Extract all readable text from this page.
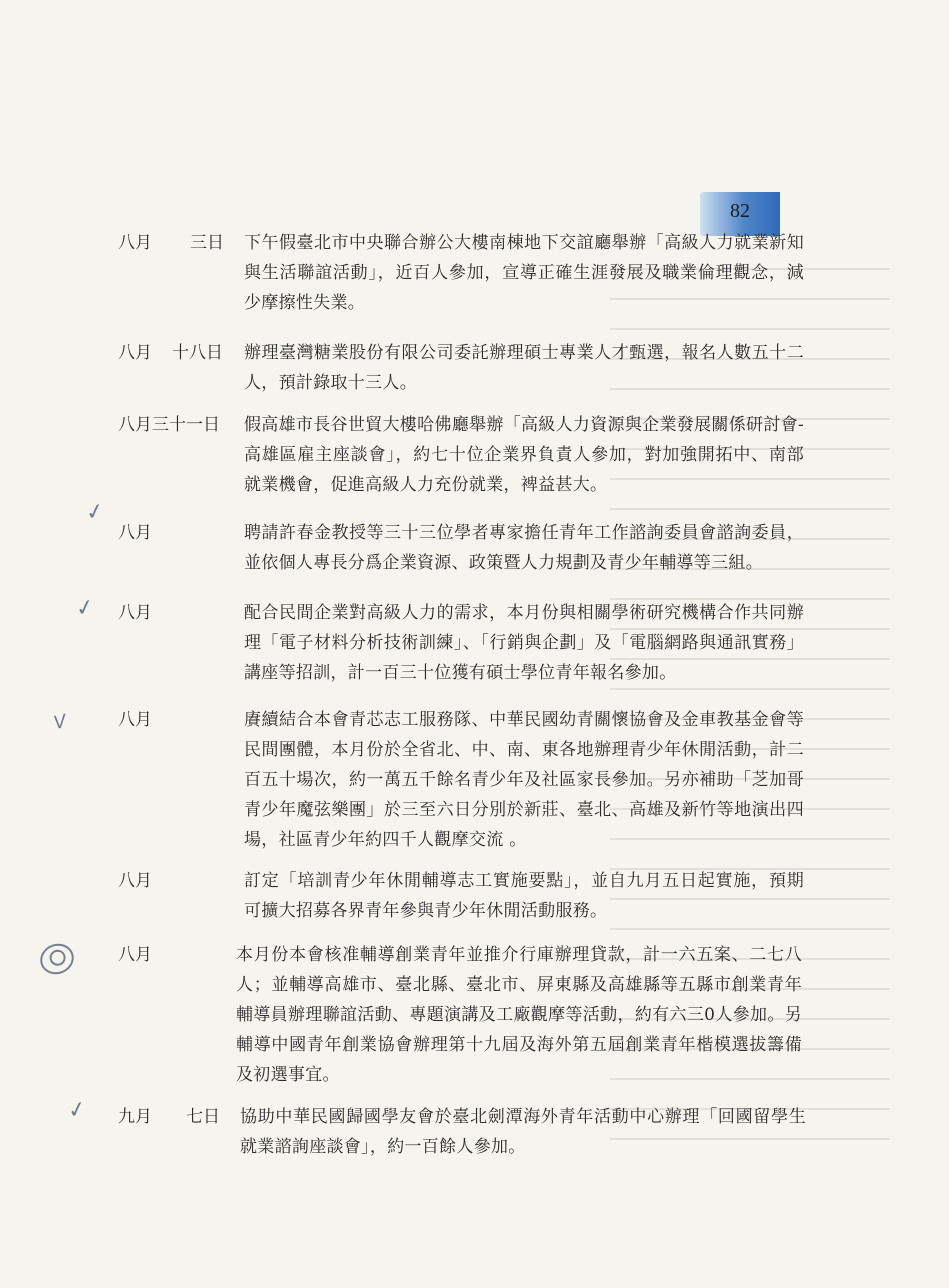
82
八月 三日 下午假臺北市中央聯合辦公大樓南棟地下交誼廳舉辦「高級人力就業新知與生活聯誼活動」，近百人參加，宣導正確生涯發展及職業倫理觀念，減少摩擦性失業。
八月 十八日 辦理臺灣糖業股份有限公司委託辦理碩士專業人才甄選，報名人數五十二人，預計錄取十三人。
八月 三十一日 假高雄市長谷世貿大樓哈佛廳舉辦「高級人力資源與企業發展關係研討會-高雄區雇主座談會」，約七十位企業界負責人參加，對加強開拓中、南部就業機會，促進高級人力充份就業，裨益甚大。
✓
八月	聘請許春金教授等三十三位學者專家擔任青年工作諮詢委員會諮詢委員，並依個人專長分爲企業資源、政策暨人力規劃及青少年輔導等三組。
✓ 八月	配合民間企業對高級人力的需求，本月份與相關學術研究機構合作共同辦理「電子材料分析技術訓練」、「行銷與企劃」及「電腦網路與通訊實務」講座等招訓，計一百三十位獲有碩士學位青年報名參加。
V	八月	賡續結合本會青芯志工服務隊、中華民國幼青關懷協會及金車教基金會等民間團體，本月份於全省北、中、南、東各地辦理青少年休閒活動，計二百五十場次，約一萬五千餘名青少年及社區家長參加。另亦補助「芝加哥青少年魔弦樂團」於三至六日分別於新莊、臺北、高雄及新竹等地演出四場，社區青少年約四千人觀摩交流 。
八月	訂定「培訓青少年休閒輔導志工實施要點」，並自九月五日起實施，預期可擴大招募各界青年參與青少年休閒活動服務。
八月	本月份本會核准輔導創業青年並推介行庫辦理貸款，計一六五案、二七八人；並輔導高雄市、臺北縣、臺北市、屏東縣及高雄縣等五縣市創業青年輔導員辦理聯誼活動、專題演講及工廠觀摩等活動，約有六三0人參加。另輔導中國青年創業協會辦理第十九屆及海外第五屆創業青年楷模選拔籌備及初選事宜。
✓ 九月 七日 協助中華民國歸國學友會於臺北劍潭海外青年活動中心辦理「回國留學生就業諮詢座談會」，約一百餘人參加。
